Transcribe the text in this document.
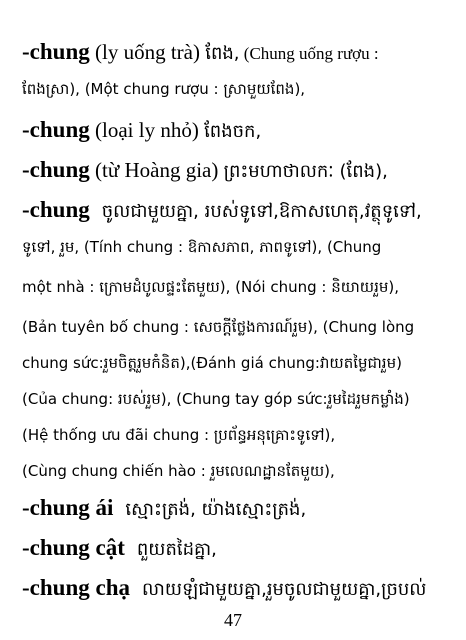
-chung (ly uống trà) ពែង, (Chung uống rượu :
ពែងស្រា), (Một chung rượu : ស្រាមួយពែង),
-chung (loại ly nhỏ) ពែងចក,
-chung (từ Hoàng gia) ព្រះមហាថាលកៈ (ពែង),
-chung ចូលជាមួយគ្នា, របស់ទូទៅ,ឱកាសហេតុ,វត្ថុទូទៅ,
ទូទៅ, រួម, (Tính chung : ឱកាសភាព, ភាពទូទៅ), (Chung
một nhà : ក្រោមដំបូលផ្ទះតែមួយ), (Nói chung : និយាយរួម),
(Bản tuyên bố chung : សេចក្តីថ្លែងការណ៍រួម), (Chung lòng
chung sức:រួមចិត្តរួមកំនិត),(Đánh giá chung:វាយតម្លៃជារួម)
(Của chung: របស់រួម), (Chung tay góp sức:រួមដៃរួមកម្លាំង)
(Hệ thống ưu đãi chung : ប្រព័ន្ធអនុគ្រោះទូទៅ),
(Cùng chung chiến hào : រួមលេណដ្ឋានតែមួយ),
-chung ái ស្មោះត្រង់, យ៉ាងស្មោះត្រង់,
-chung cật ពួយតដៃគ្នា,
-chung chạ លាយឡំជាមួយគ្នា,រួមចូលជាមួយគ្នា,ច្របល់
47
